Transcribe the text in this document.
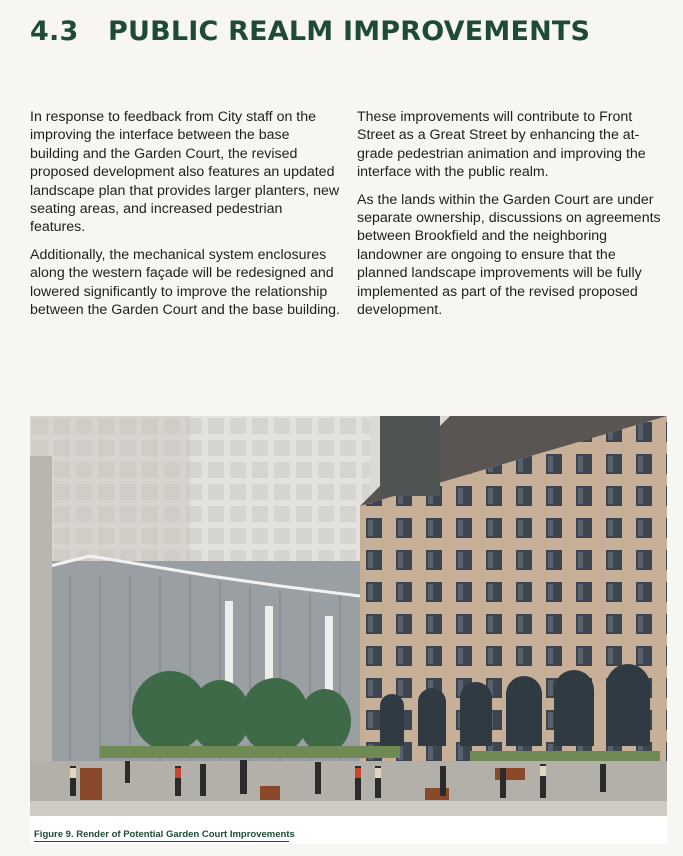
4.3	PUBLIC REALM IMPROVEMENTS

In response to feedback from City staff on the improving the interface between the base building and the Garden Court, the revised proposed development also features an updated landscape plan that provides larger planters, new seating areas, and increased pedestrian features.

Additionally, the mechanical system enclosures along the western façade will be redesigned and lowered significantly to improve the relationship between the Garden Court and the base building.

These improvements will contribute to Front Street as a Great Street by enhancing the at-grade pedestrian animation and improving the interface with the public realm.

As the lands within the Garden Court are under separate ownership, discussions on agreements between Brookfield and the neighboring landowner are ongoing to ensure that the planned landscape improvements will be fully implemented as part of the revised proposed development.

Figure 9. Render of Potential Garden Court Improvements
